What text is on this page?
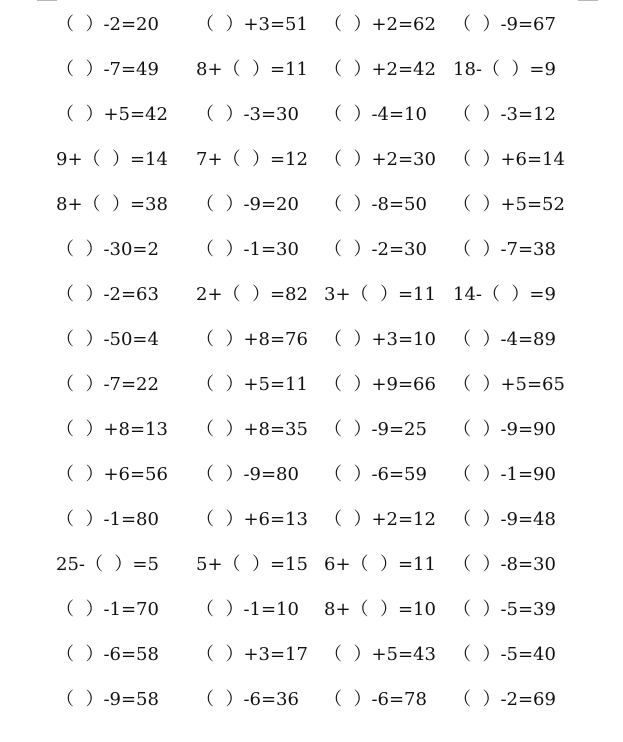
（  ）-2=20 （  ）+3=51 （  ）+2=62 （  ）-9=67
（  ）-7=49 8+（  ）=11 （  ）+2=42 18-（  ）=9
（  ）+5=42 （  ）-3=30 （  ）-4=10 （  ）-3=12
9+（  ）=14 7+（  ）=12 （  ）+2=30 （  ）+6=14
8+（  ）=38 （  ）-9=20 （  ）-8=50 （  ）+5=52
（  ）-30=2 （  ）-1=30 （  ）-2=30 （  ）-7=38
（  ）-2=63 2+（  ）=82 3+（  ）=11 14-（  ）=9
（  ）-50=4 （  ）+8=76 （  ）+3=10 （  ）-4=89
（  ）-7=22 （  ）+5=11 （  ）+9=66 （  ）+5=65
（  ）+8=13 （  ）+8=35 （  ）-9=25 （  ）-9=90
（  ）+6=56 （  ）-9=80 （  ）-6=59 （  ）-1=90
（  ）-1=80 （  ）+6=13 （  ）+2=12 （  ）-9=48
25-（  ）=5 5+（  ）=15 6+（  ）=11 （  ）-8=30
（  ）-1=70 （  ）-1=10 8+（  ）=10 （  ）-5=39
（  ）-6=58 （  ）+3=17 （  ）+5=43 （  ）-5=40
（  ）-9=58 （  ）-6=36 （  ）-6=78 （  ）-2=69
